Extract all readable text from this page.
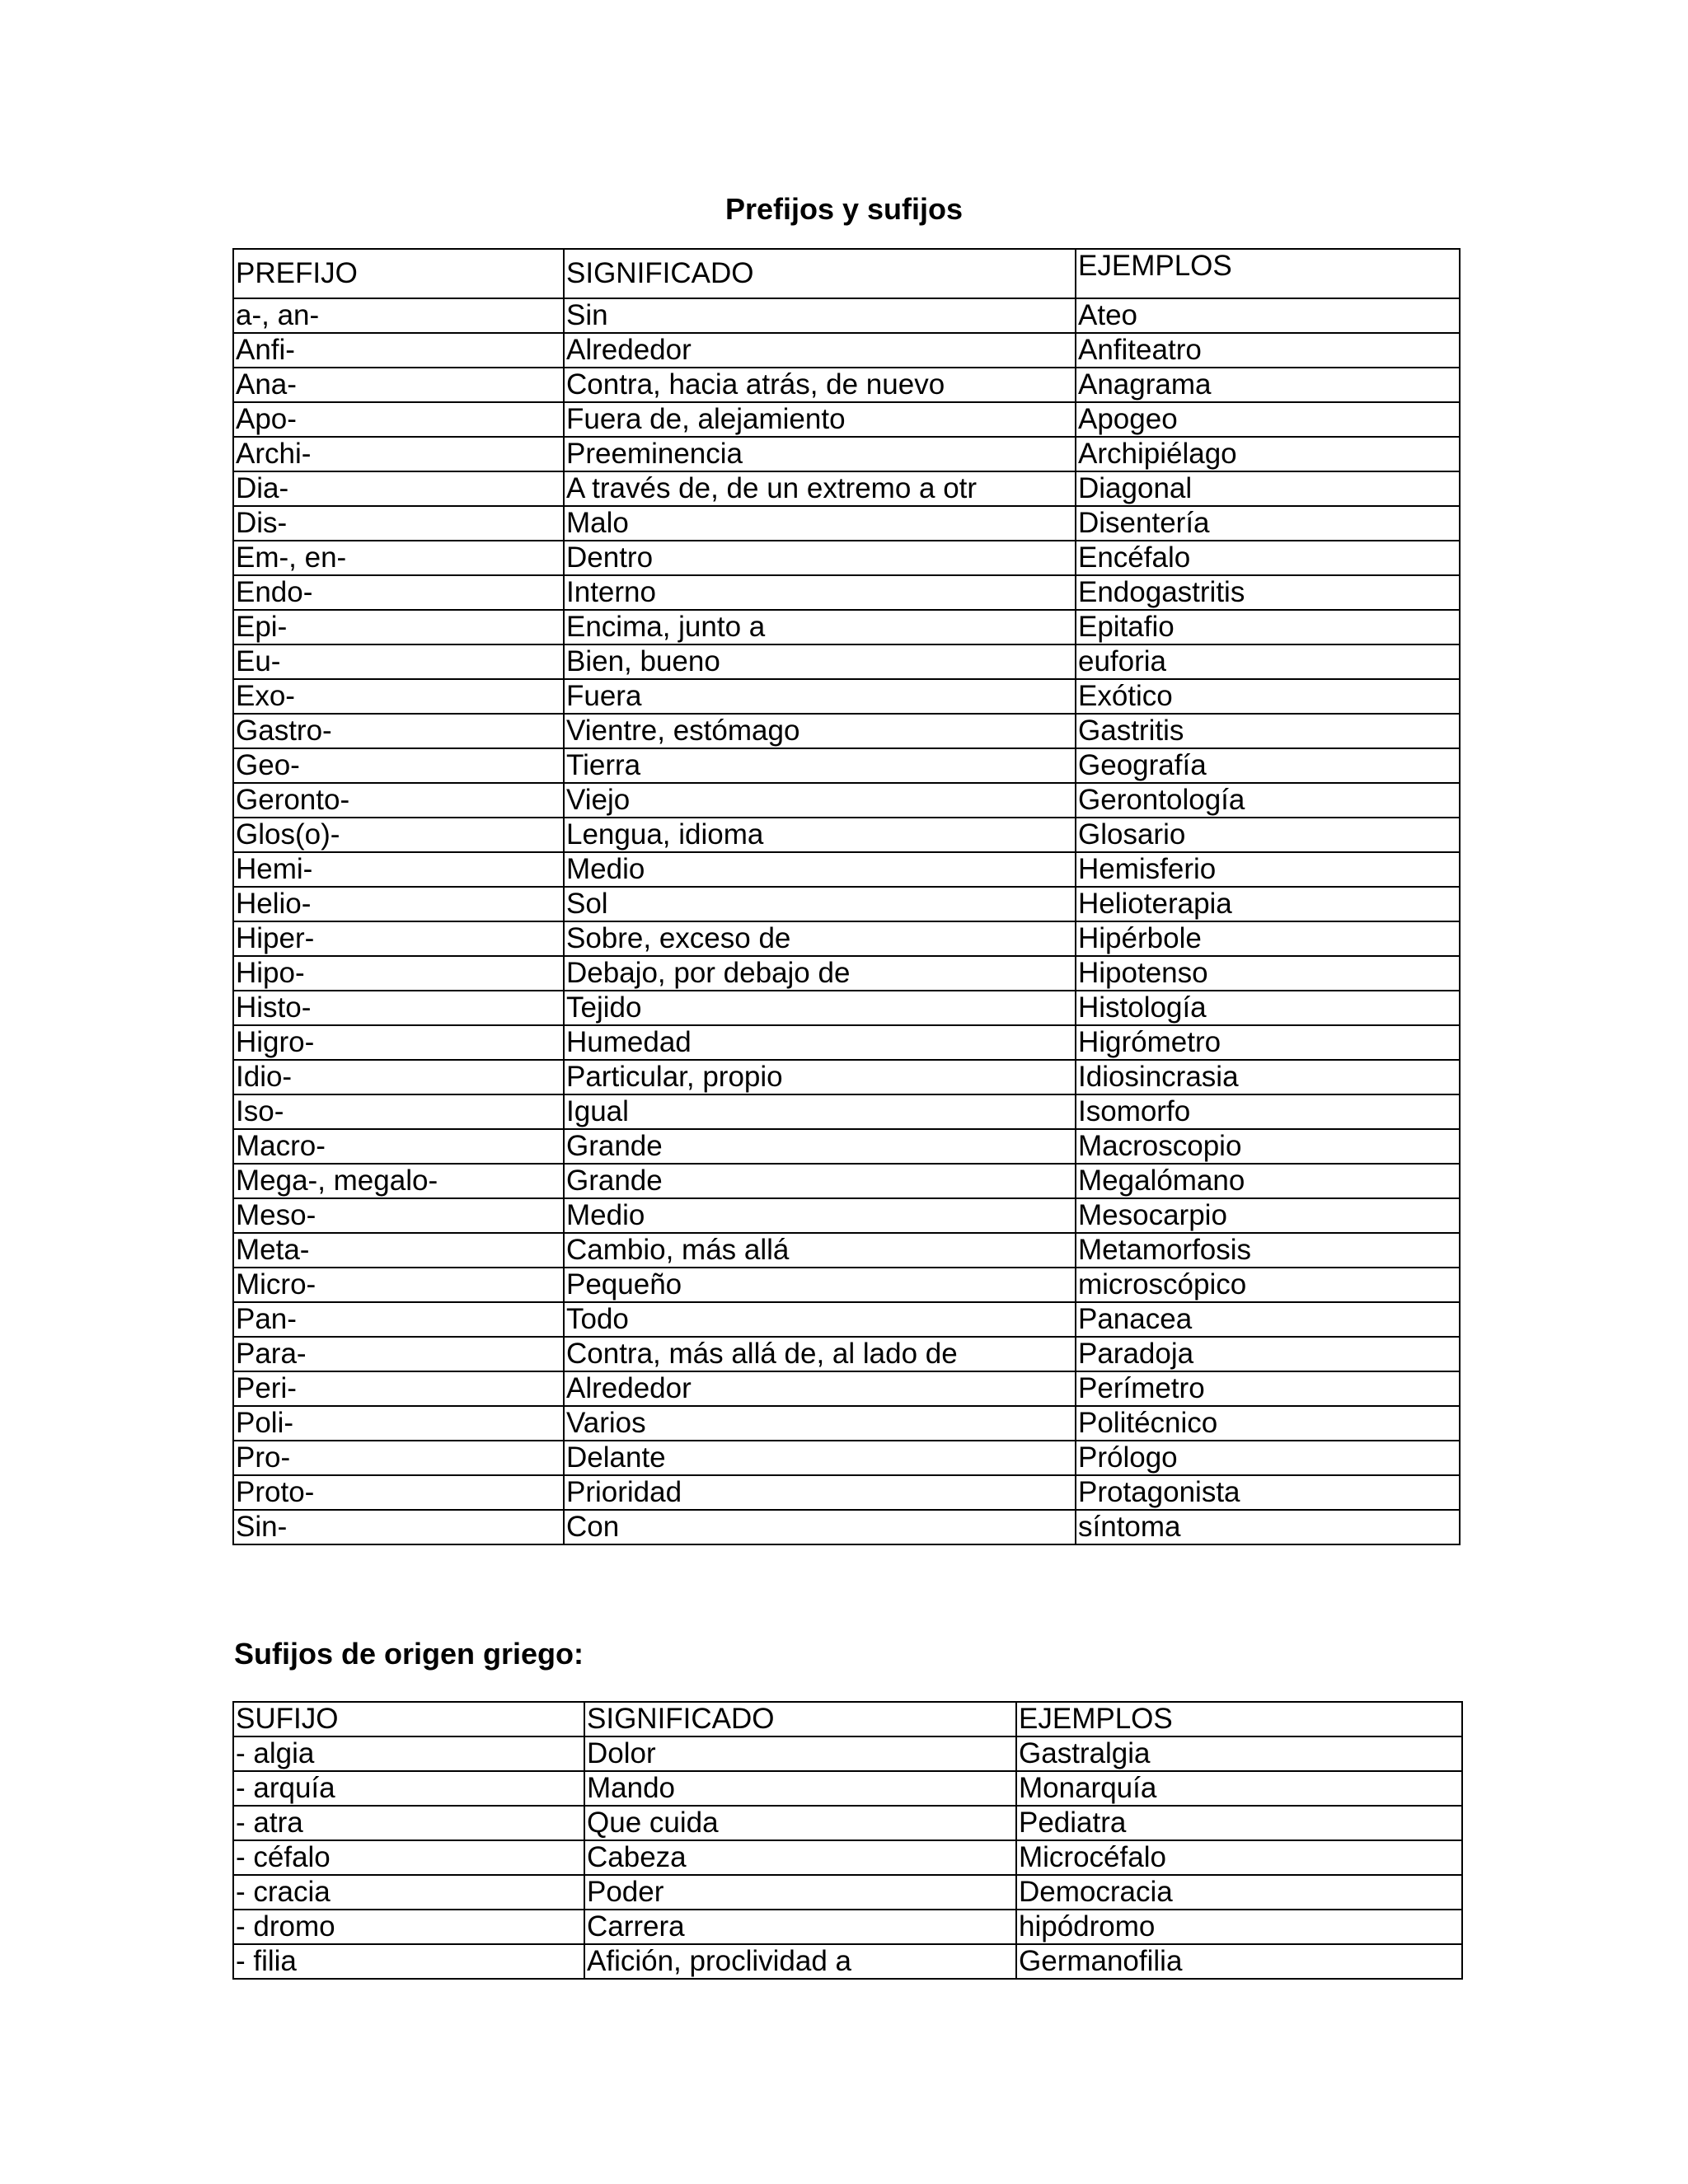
Prefijos y sufijos
PREFIJO	SIGNIFICADO	EJEMPLOS
a-, an-	Sin	Ateo
Anfi-	Alrededor	Anfiteatro
Ana-	Contra, hacia atrás, de nuevo	Anagrama
Apo-	Fuera de, alejamiento	Apogeo
Archi-	Preeminencia	Archipiélago
Dia-	A través de, de un extremo a otr	Diagonal
Dis-	Malo	Disentería
Em-, en-	Dentro	Encéfalo
Endo-	Interno	Endogastritis
Epi-	Encima, junto a	Epitafio
Eu-	Bien, bueno	euforia
Exo-	Fuera	Exótico
Gastro-	Vientre, estómago	Gastritis
Geo-	Tierra	Geografía
Geronto-	Viejo	Gerontología
Glos(o)-	Lengua, idioma	Glosario
Hemi-	Medio	Hemisferio
Helio-	Sol	Helioterapia
Hiper-	Sobre, exceso de	Hipérbole
Hipo-	Debajo, por debajo de	Hipotenso
Histo-	Tejido	Histología
Higro-	Humedad	Higrómetro
Idio-	Particular, propio	Idiosincrasia
Iso-	Igual	Isomorfo
Macro-	Grande	Macroscopio
Mega-, megalo-	Grande	Megalómano
Meso-	Medio	Mesocarpio
Meta-	Cambio, más allá	Metamorfosis
Micro-	Pequeño	microscópico
Pan-	Todo	Panacea
Para-	Contra, más allá de, al lado de	Paradoja
Peri-	Alrededor	Perímetro
Poli-	Varios	Politécnico
Pro-	Delante	Prólogo
Proto-	Prioridad	Protagonista
Sin-	Con	síntoma
Sufijos de origen griego:
SUFIJO	SIGNIFICADO	EJEMPLOS
- algia	Dolor	Gastralgia
- arquía	Mando	Monarquía
- atra	Que cuida	Pediatra
- céfalo	Cabeza	Microcéfalo
- cracia	Poder	Democracia
- dromo	Carrera	hipódromo
- filia	Afición, proclividad a	Germanofilia
